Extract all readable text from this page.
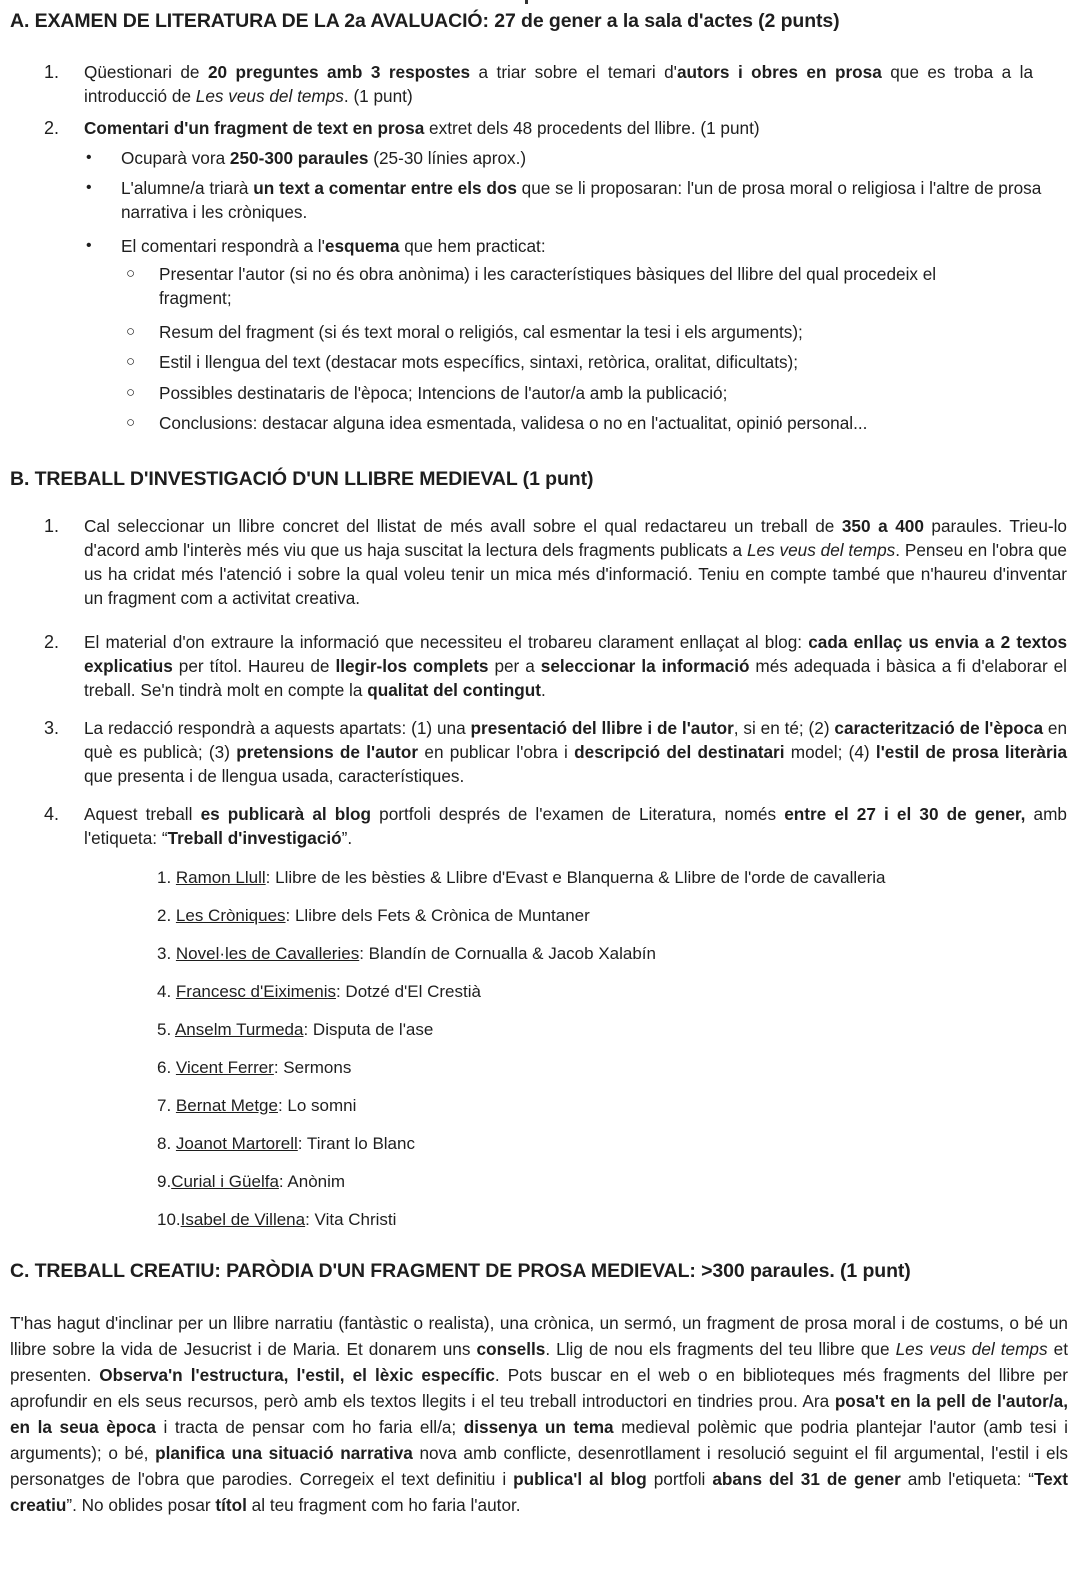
A. EXAMEN DE LITERATURA DE LA 2a AVALUACIÓ: 27 de gener a la sala d'actes (2 punts)
1.	Qüestionari de 20 preguntes amb 3 respostes a triar sobre el temari d'autors i obres en prosa que es troba a la introducció de Les veus del temps. (1 punt)
2.	Comentari d'un fragment de text en prosa extret dels 48 procedents del llibre. (1 punt)
• Ocuparà vora 250-300 paraules (25-30 línies aprox.)
• L'alumne/a triarà un text a comentar entre els dos que se li proposaran: l'un de prosa moral o religiosa i l'altre de prosa narrativa i les cròniques.
• El comentari respondrà a l'esquema que hem practicat:
○ Presentar l'autor (si no és obra anònima) i les característiques bàsiques del llibre del qual procedeix el fragment;
○ Resum del fragment (si és text moral o religiós, cal esmentar la tesi i els arguments);
○ Estil i llengua del text (destacar mots específics, sintaxi, retòrica, oralitat, dificultats);
○ Possibles destinataris de l'època; Intencions de l'autor/a amb la publicació;
○ Conclusions: destacar alguna idea esmentada, validesa o no en l'actualitat, opinió personal...
B. TREBALL D'INVESTIGACIÓ D'UN LLIBRE MEDIEVAL (1 punt)
1.	Cal seleccionar un llibre concret del llistat de més avall sobre el qual redactareu un treball de 350 a 400 paraules. Trieu-lo d'acord amb l'interès més viu que us haja suscitat la lectura dels fragments publicats a Les veus del temps. Penseu en l'obra que us ha cridat més l'atenció i sobre la qual voleu tenir un mica més d'informació. Teniu en compte també que n'haureu d'inventar un fragment com a activitat creativa.
2.	El material d'on extraure la informació que necessiteu el trobareu clarament enllaçat al blog: cada enllaç us envia a 2 textos explicatius per títol. Haureu de llegir-los complets per a seleccionar la informació més adequada i bàsica a fi d'elaborar el treball. Se'n tindrà molt en compte la qualitat del contingut.
3.	La redacció respondrà a aquests apartats: (1) una presentació del llibre i de l'autor, si en té; (2) caracterització de l'època en què es publicà; (3) pretensions de l'autor en publicar l'obra i descripció del destinatari model; (4) l'estil de prosa literària que presenta i de llengua usada, característiques.
4.	Aquest treball es publicarà al blog portfoli després de l'examen de Literatura, només entre el 27 i el 30 de gener, amb l'etiqueta: “Treball d'investigació”.
1. Ramon Llull: Llibre de les bèsties & Llibre d'Evast e Blanquerna & Llibre de l'orde de cavalleria
2. Les Cròniques: Llibre dels Fets & Crònica de Muntaner
3. Novel·les de Cavalleries: Blandín de Cornualla & Jacob Xalabín
4. Francesc d'Eiximenis: Dotzé d'El Crestià
5. Anselm Turmeda: Disputa de l'ase
6. Vicent Ferrer: Sermons
7. Bernat Metge: Lo somni
8. Joanot Martorell: Tirant lo Blanc
9.Curial i Güelfa: Anònim
10.Isabel de Villena: Vita Christi
C. TREBALL CREATIU: PARÒDIA D'UN FRAGMENT DE PROSA MEDIEVAL: >300 paraules. (1 punt)
T'has hagut d'inclinar per un llibre narratiu (fantàstic o realista), una crònica, un sermó, un fragment de prosa moral i de costums, o bé un llibre sobre la vida de Jesucrist i de Maria. Et donarem uns consells. Llig de nou els fragments del teu llibre que Les veus del temps et presenten. Observa'n l'estructura, l'estil, el lèxic específic. Pots buscar en el web o en biblioteques més fragments del llibre per aprofundir en els seus recursos, però amb els textos llegits i el teu treball introductori en tindries prou. Ara posa't en la pell de l'autor/a, en la seua època i tracta de pensar com ho faria ell/a; dissenya un tema medieval polèmic que podria plantejar l'autor (amb tesi i arguments); o bé, planifica una situació narrativa nova amb conflicte, desenrotllament i resolució seguint el fil argumental, l'estil i els personatges de l'obra que parodies. Corregeix el text definitiu i publica'l al blog portfoli abans del 31 de gener amb l'etiqueta: “Text creatiu”. No oblides posar títol al teu fragment com ho faria l'autor.
